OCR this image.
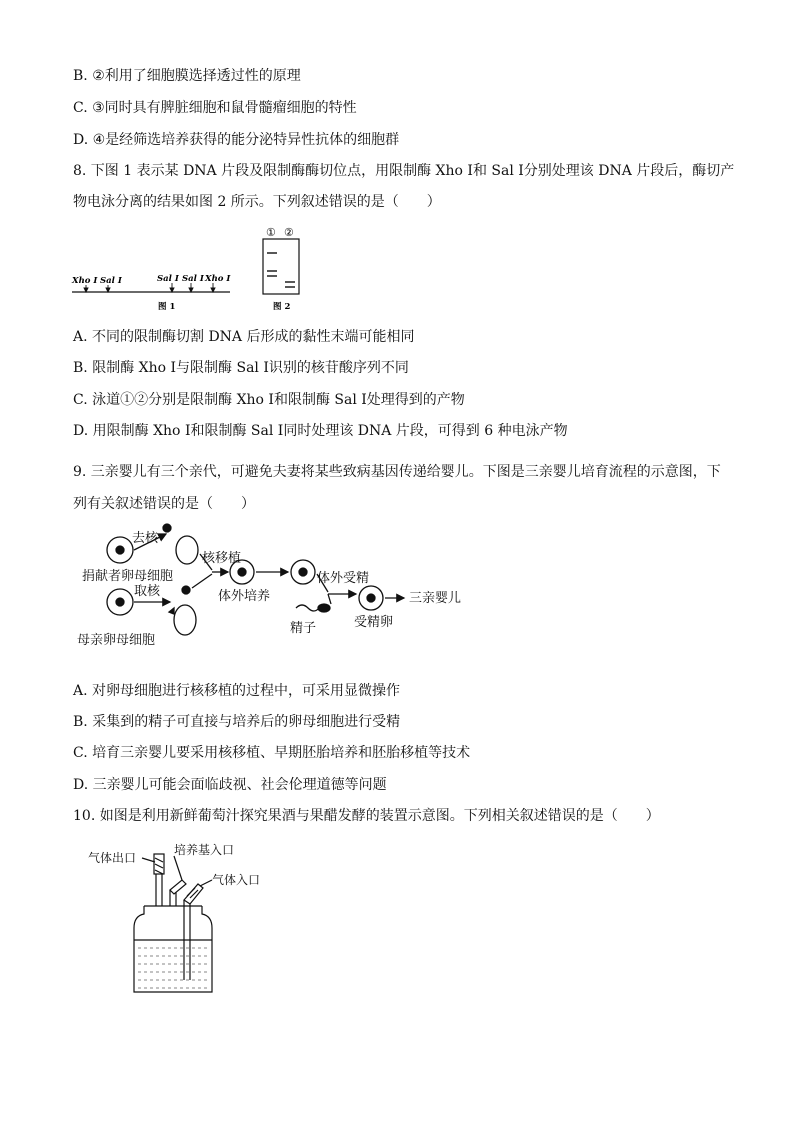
B. ②利用了细胞膜选择透过性的原理
C. ③同时具有脾脏细胞和鼠骨髓瘤细胞的特性
D. ④是经筛选培养获得的能分泌特异性抗体的细胞群
8. 下图 1 表示某 DNA 片段及限制酶酶切位点，用限制酶 Xho Ⅰ和 Sal Ⅰ分别处理该 DNA 片段后，酶切产
物电泳分离的结果如图 2 所示。下列叙述错误的是（　　）
Xho Ⅰ Sal Ⅰ	Sal Ⅰ Sal Ⅰ Xho Ⅰ
图 1
① ②
图 2
A. 不同的限制酶切割 DNA 后形成的黏性末端可能相同
B. 限制酶 Xho Ⅰ与限制酶 Sal Ⅰ识别的核苷酸序列不同
C. 泳道①②分别是限制酶 Xho Ⅰ和限制酶 Sal Ⅰ处理得到的产物
D. 用限制酶 Xho Ⅰ和限制酶 Sal Ⅰ同时处理该 DNA 片段，可得到 6 种电泳产物
9. 三亲婴儿有三个亲代，可避免夫妻将某些致病基因传递给婴儿。下图是三亲婴儿培育流程的示意图，下
列有关叙述错误的是（　　）
去核
捐献者卵母细胞
取核
母亲卵母细胞
核移植
体外培养
精子
体外受精
受精卵
三亲婴儿
A. 对卵母细胞进行核移植的过程中，可采用显微操作
B. 采集到的精子可直接与培养后的卵母细胞进行受精
C. 培育三亲婴儿要采用核移植、早期胚胎培养和胚胎移植等技术
D. 三亲婴儿可能会面临歧视、社会伦理道德等问题
10. 如图是利用新鲜葡萄汁探究果酒与果醋发酵的装置示意图。下列相关叙述错误的是（　　）
气体出口
培养基入口
气体入口
